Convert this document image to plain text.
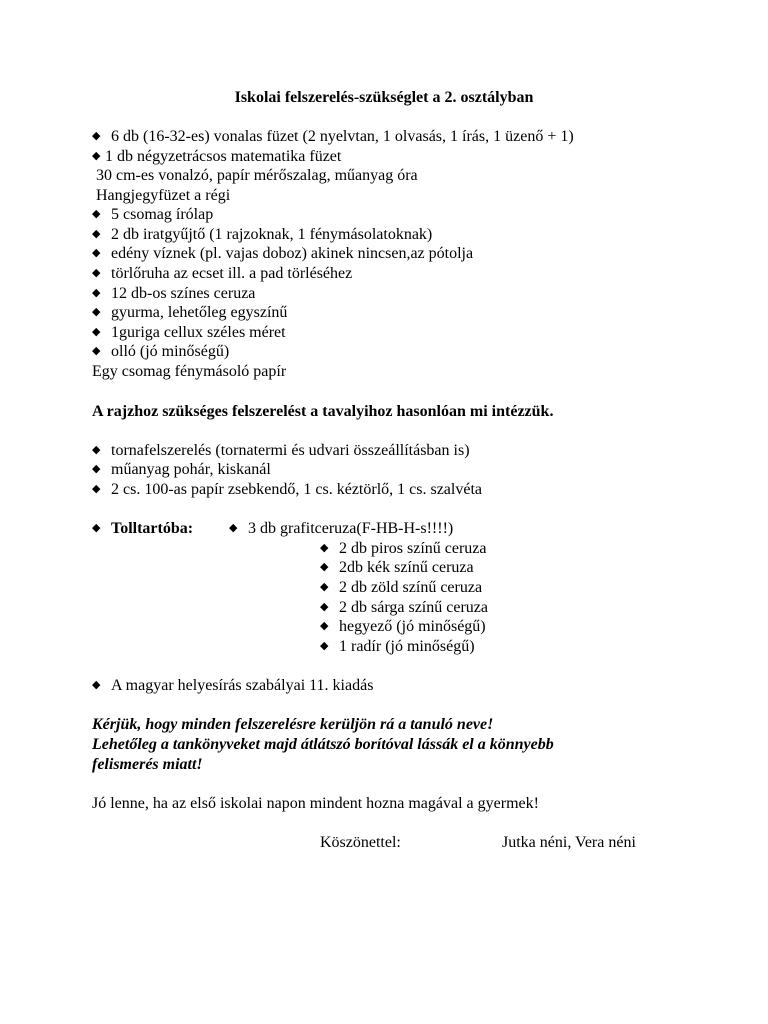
Iskolai felszerelés-szükséglet a 2. osztályban
◆ 6 db (16-32-es) vonalas füzet (2 nyelvtan, 1 olvasás, 1 írás, 1 üzenő + 1)
◆ 1 db négyzetrácsos matematika füzet
30 cm-es vonalzó, papír mérőszalag, műanyag óra
Hangjegyfüzet a régi
◆ 5 csomag írólap
◆ 2 db iratgyűjtő (1 rajzoknak, 1 fénymásolatoknak)
◆ edény víznek (pl. vajas doboz) akinek nincsen,az pótolja
◆ törlőruha az ecset ill. a pad törléséhez
◆ 12 db-os színes ceruza
◆ gyurma, lehetőleg egyszínű
◆ 1guriga cellux széles méret
◆ olló (jó minőségű)
Egy csomag fénymásoló papír
A rajzhoz szükséges felszerelést a tavalyihoz hasonlóan mi intézzük.
◆ tornafelszerelés (tornatermi és udvari összeállításban is)
◆ műanyag pohár, kiskanál
◆ 2 cs. 100-as papír zsebkendő, 1 cs. kéztörlő, 1 cs. szalvéta
◆ Tolltartóba:	◆ 3 db grafitceruza(F-HB-H-s!!!!)
◆ 2 db piros színű ceruza
◆ 2db kék színű ceruza
◆ 2 db zöld színű ceruza
◆ 2 db sárga színű ceruza
◆ hegyező (jó minőségű)
◆ 1 radír (jó minőségű)
◆ A magyar helyesírás szabályai 11. kiadás
Kérjük, hogy minden felszerelésre kerüljön rá a tanuló neve!
Lehetőleg a tankönyveket majd átlátszó borítóval lássák el a könnyebb
felismerés miatt!
Jó lenne, ha az első iskolai napon mindent hozna magával a gyermek!
Köszönettel:	Jutka néni, Vera néni
